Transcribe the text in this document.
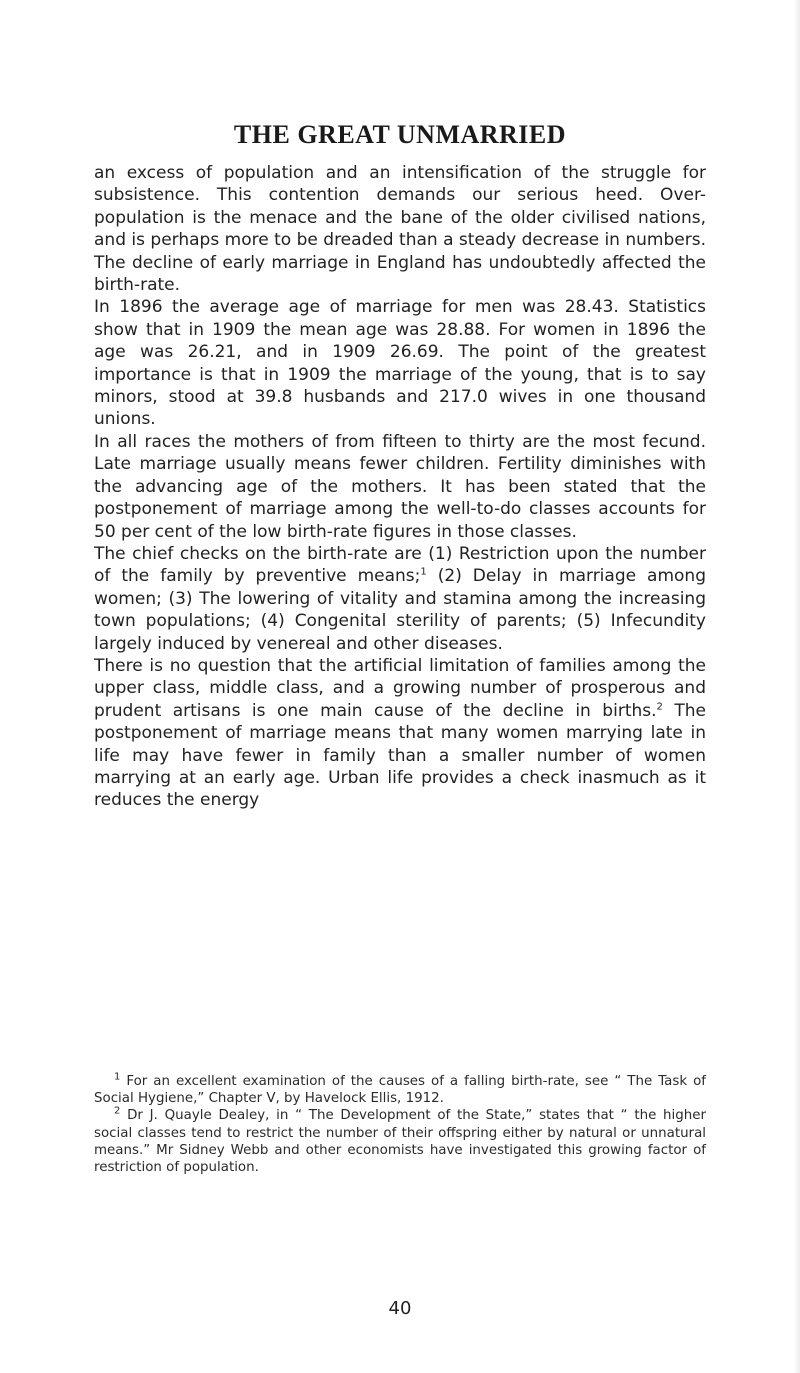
THE GREAT UNMARRIED

an excess of population and an intensification of the struggle for subsistence. This contention demands our serious heed. Over-population is the menace and the bane of the older civilised nations, and is perhaps more to be dreaded than a steady decrease in numbers. The decline of early marriage in England has undoubtedly affected the birth-rate.

In 1896 the average age of marriage for men was 28.43. Statistics show that in 1909 the mean age was 28.88. For women in 1896 the age was 26.21, and in 1909 26.69. The point of the greatest importance is that in 1909 the marriage of the young, that is to say minors, stood at 39.8 husbands and 217.0 wives in one thousand unions.

In all races the mothers of from fifteen to thirty are the most fecund. Late marriage usually means fewer children. Fertility diminishes with the advancing age of the mothers. It has been stated that the postponement of marriage among the well-to-do classes accounts for 50 per cent of the low birth-rate figures in those classes.

The chief checks on the birth-rate are (1) Restriction upon the number of the family by preventive means;$^1$ (2) Delay in marriage among women; (3) The lowering of vitality and stamina among the increasing town populations; (4) Congenital sterility of parents; (5) Infecundity largely induced by venereal and other diseases.

There is no question that the artificial limitation of families among the upper class, middle class, and a growing number of prosperous and prudent artisans is one main cause of the decline in births.$^2$ The postponement of marriage means that many women marrying late in life may have fewer in family than a smaller number of women marrying at an early age. Urban life provides a check inasmuch as it reduces the energy

$^1$ For an excellent examination of the causes of a falling birth-rate, see “ The Task of Social Hygiene,” Chapter V, by Havelock Ellis, 1912.

$^2$ Dr J. Quayle Dealey, in “ The Development of the State,” states that “ the higher social classes tend to restrict the number of their offspring either by natural or unnatural means.” Mr Sidney Webb and other economists have investigated this growing factor of restriction of population.

40
